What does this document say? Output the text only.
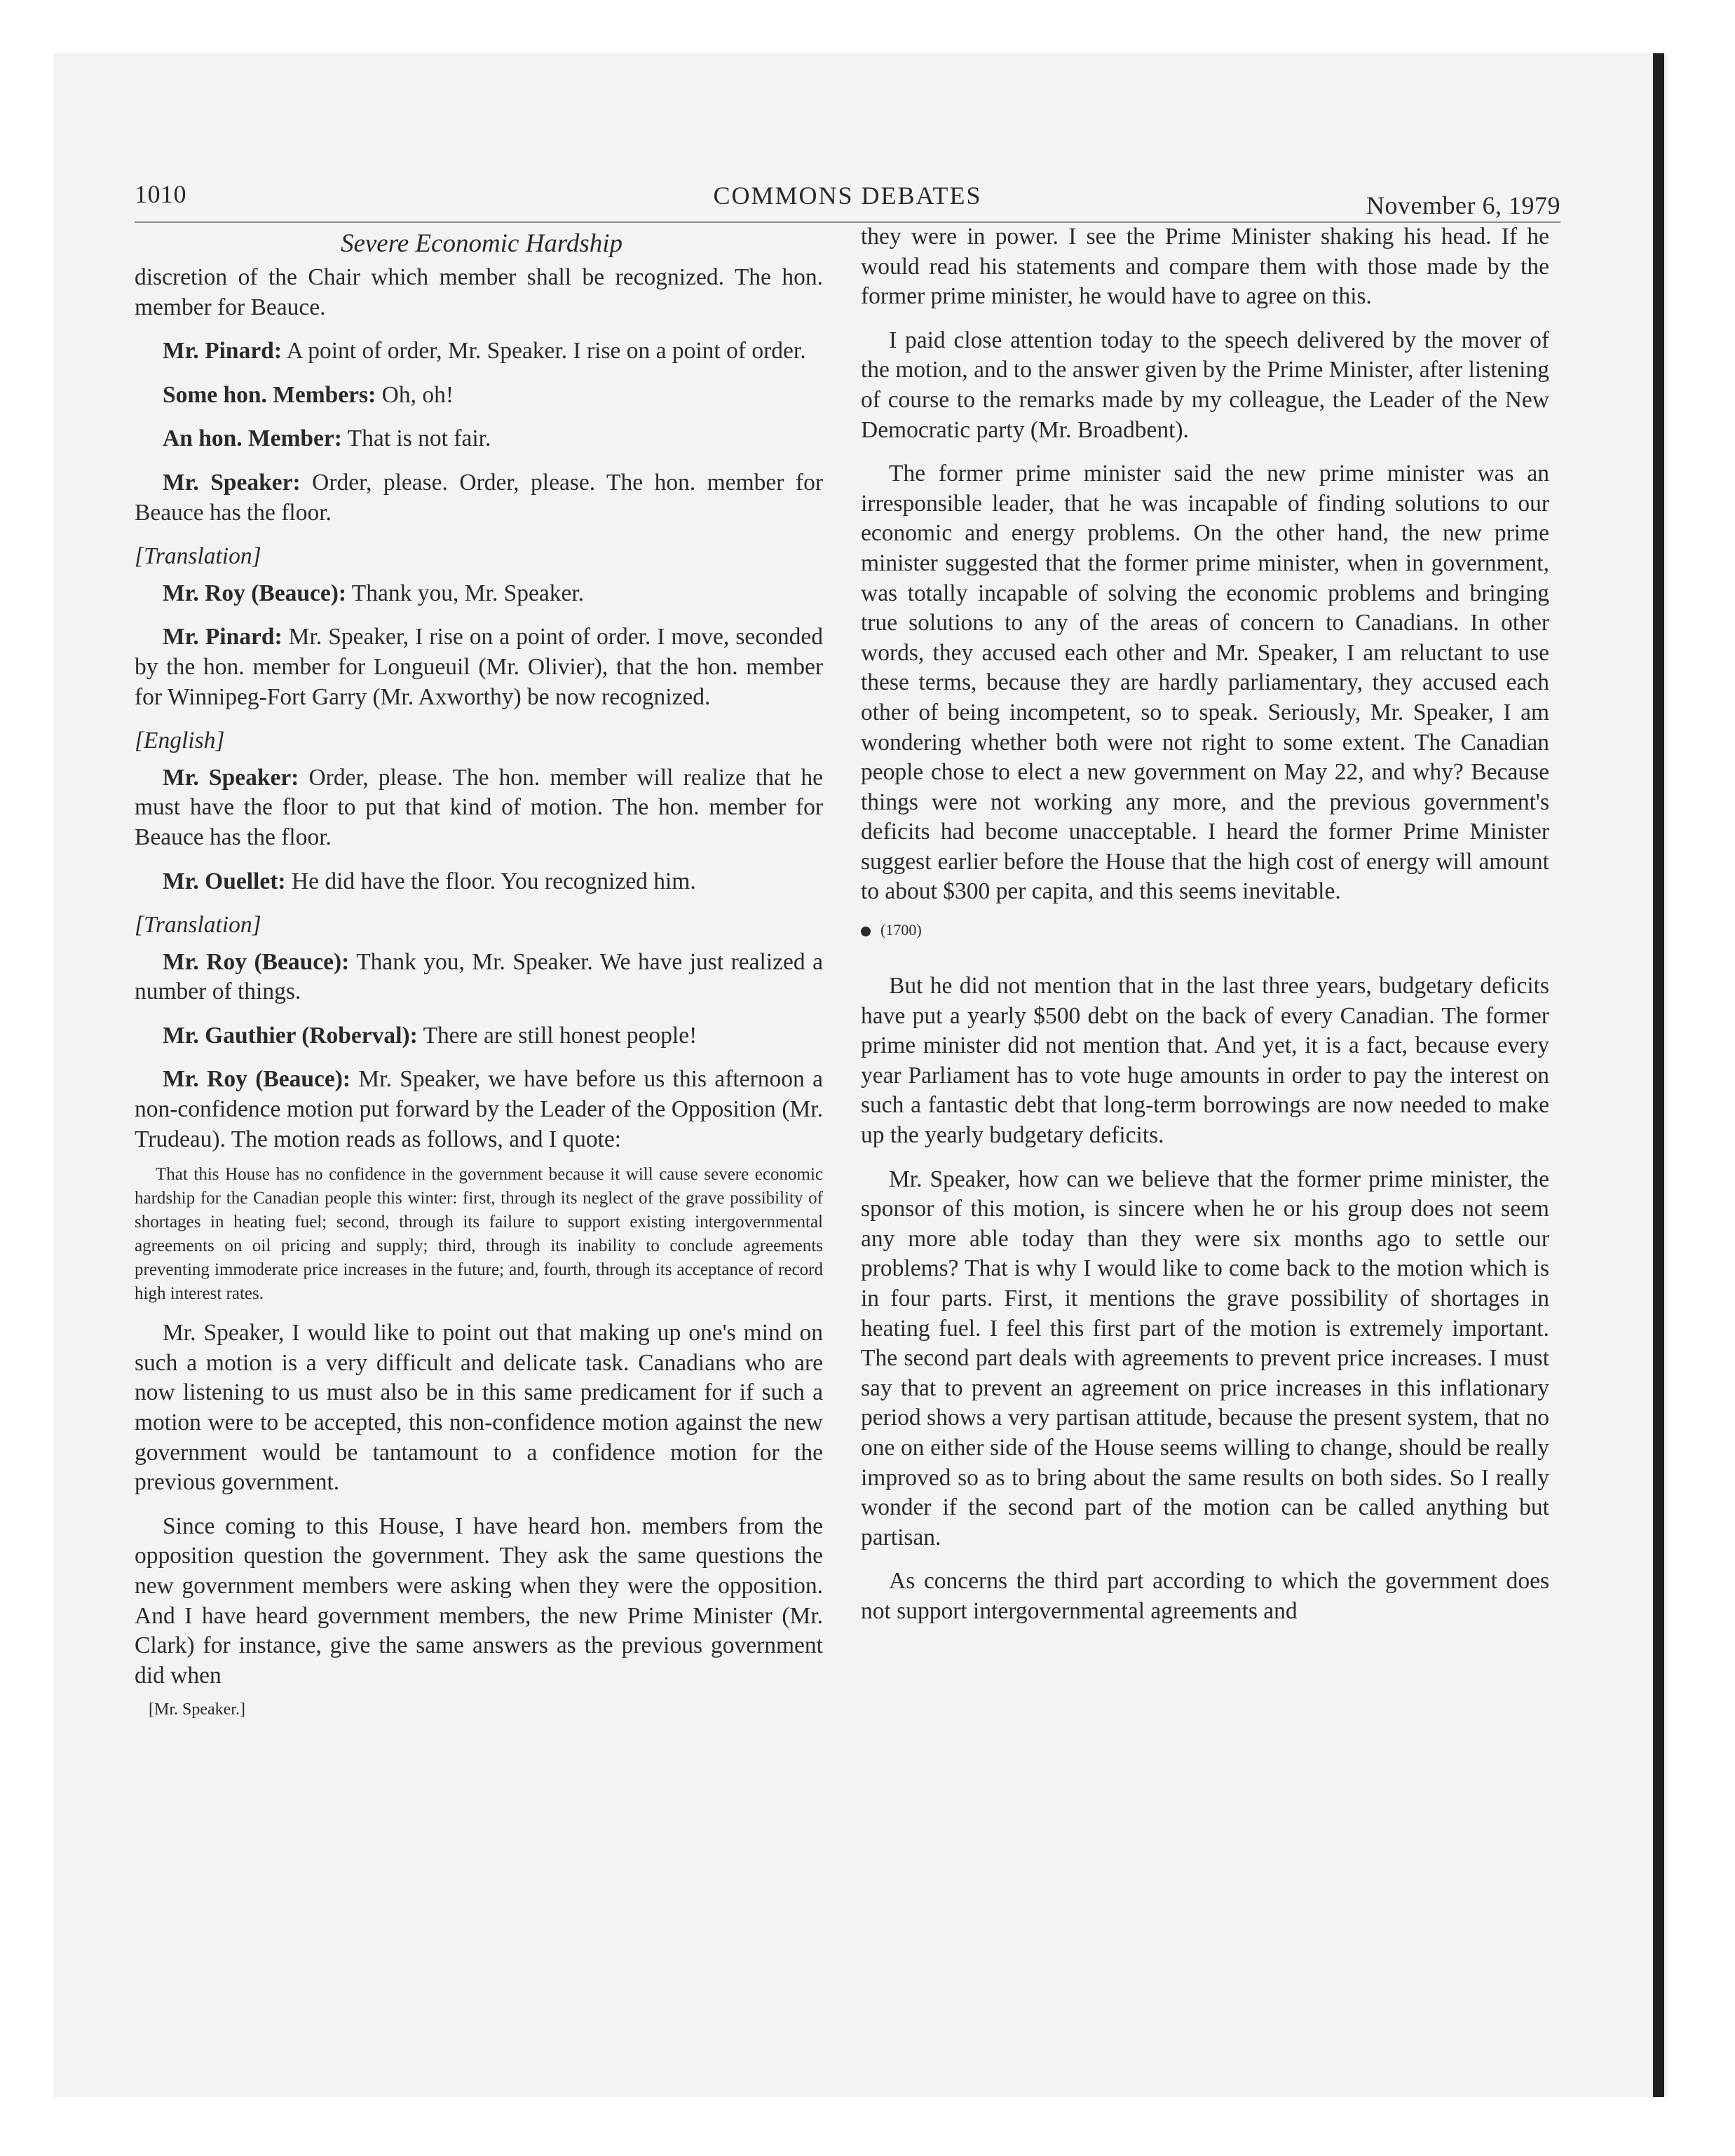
1010	COMMONS DEBATES	November 6, 1979
Severe Economic Hardship

discretion of the Chair which member shall be recognized. The hon. member for Beauce.

Mr. Pinard: A point of order, Mr. Speaker. I rise on a point of order.

Some hon. Members: Oh, oh!

An hon. Member: That is not fair.

Mr. Speaker: Order, please. Order, please. The hon. member for Beauce has the floor.

[Translation]

Mr. Roy (Beauce): Thank you, Mr. Speaker.

Mr. Pinard: Mr. Speaker, I rise on a point of order. I move, seconded by the hon. member for Longueuil (Mr. Olivier), that the hon. member for Winnipeg-Fort Garry (Mr. Axworthy) be now recognized.

[English]

Mr. Speaker: Order, please. The hon. member will realize that he must have the floor to put that kind of motion. The hon. member for Beauce has the floor.

Mr. Ouellet: He did have the floor. You recognized him.

[Translation]

Mr. Roy (Beauce): Thank you, Mr. Speaker. We have just realized a number of things.

Mr. Gauthier (Roberval): There are still honest people!

Mr. Roy (Beauce): Mr. Speaker, we have before us this afternoon a non-confidence motion put forward by the Leader of the Opposition (Mr. Trudeau). The motion reads as follows, and I quote:

That this House has no confidence in the government because it will cause severe economic hardship for the Canadian people this winter: first, through its neglect of the grave possibility of shortages in heating fuel; second, through its failure to support existing intergovernmental agreements on oil pricing and supply; third, through its inability to conclude agreements preventing immoderate price increases in the future; and, fourth, through its acceptance of record high interest rates.

Mr. Speaker, I would like to point out that making up one's mind on such a motion is a very difficult and delicate task. Canadians who are now listening to us must also be in this same predicament for if such a motion were to be accepted, this non-confidence motion against the new government would be tantamount to a confidence motion for the previous government.

Since coming to this House, I have heard hon. members from the opposition question the government. They ask the same questions the new government members were asking when they were the opposition. And I have heard government members, the new Prime Minister (Mr. Clark) for instance, give the same answers as the previous government did when

[Mr. Speaker.]

they were in power. I see the Prime Minister shaking his head. If he would read his statements and compare them with those made by the former prime minister, he would have to agree on this.

I paid close attention today to the speech delivered by the mover of the motion, and to the answer given by the Prime Minister, after listening of course to the remarks made by my colleague, the Leader of the New Democratic party (Mr. Broadbent).

The former prime minister said the new prime minister was an irresponsible leader, that he was incapable of finding solutions to our economic and energy problems. On the other hand, the new prime minister suggested that the former prime minister, when in government, was totally incapable of solving the economic problems and bringing true solutions to any of the areas of concern to Canadians. In other words, they accused each other and Mr. Speaker, I am reluctant to use these terms, because they are hardly parliamentary, they accused each other of being incompetent, so to speak. Seriously, Mr. Speaker, I am wondering whether both were not right to some extent. The Canadian people chose to elect a new government on May 22, and why? Because things were not working any more, and the previous government's deficits had become unacceptable. I heard the former Prime Minister suggest earlier before the House that the high cost of energy will amount to about $300 per capita, and this seems inevitable.

(1700)

But he did not mention that in the last three years, budgetary deficits have put a yearly $500 debt on the back of every Canadian. The former prime minister did not mention that. And yet, it is a fact, because every year Parliament has to vote huge amounts in order to pay the interest on such a fantastic debt that long-term borrowings are now needed to make up the yearly budgetary deficits.

Mr. Speaker, how can we believe that the former prime minister, the sponsor of this motion, is sincere when he or his group does not seem any more able today than they were six months ago to settle our problems? That is why I would like to come back to the motion which is in four parts. First, it mentions the grave possibility of shortages in heating fuel. I feel this first part of the motion is extremely important. The second part deals with agreements to prevent price increases. I must say that to prevent an agreement on price increases in this inflationary period shows a very partisan attitude, because the present system, that no one on either side of the House seems willing to change, should be really improved so as to bring about the same results on both sides. So I really wonder if the second part of the motion can be called anything but partisan.

As concerns the third part according to which the government does not support intergovernmental agreements and
